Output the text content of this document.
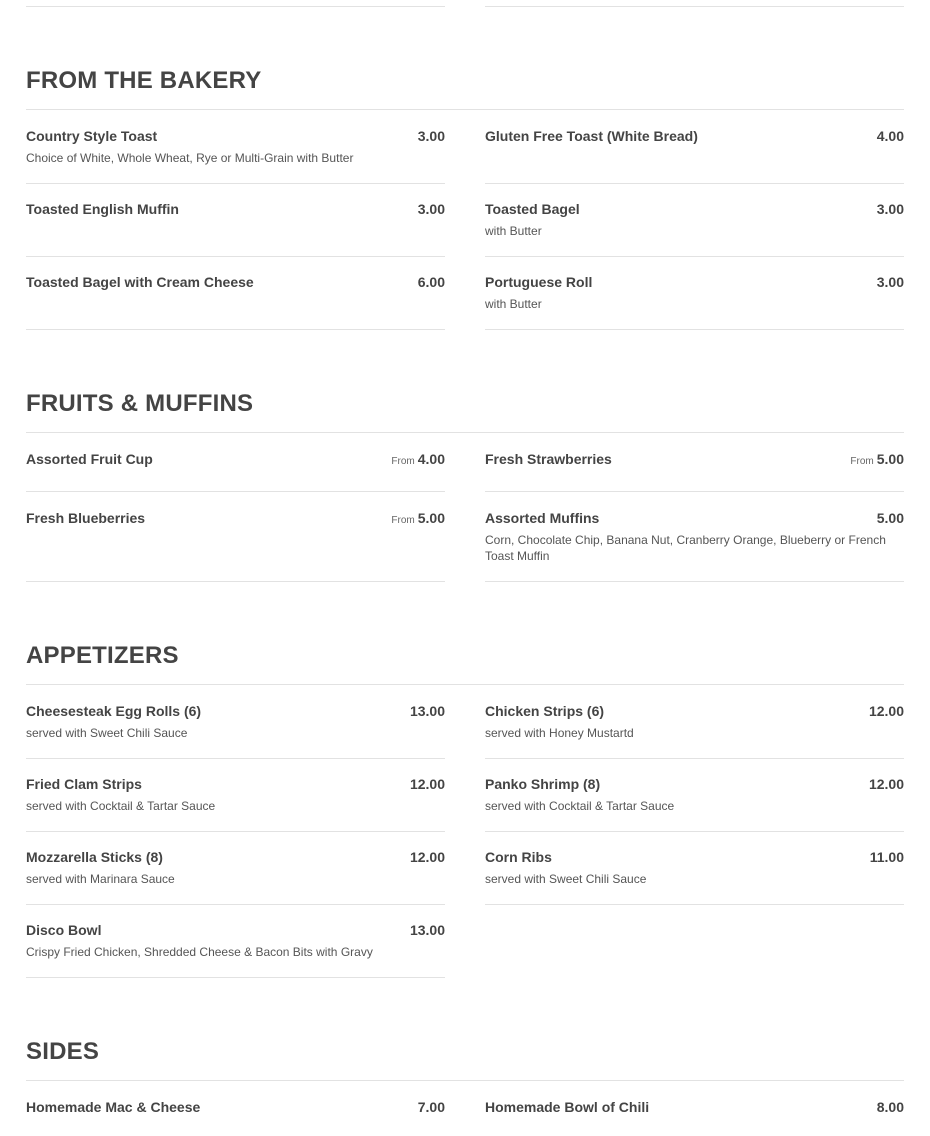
FROM THE BAKERY
Country Style Toast	3.00
Choice of White, Whole Wheat, Rye or Multi-Grain with Butter
Gluten Free Toast (White Bread)	4.00
Toasted English Muffin	3.00	Toasted Bagel	3.00
with Butter
Toasted Bagel with Cream Cheese	6.00	Portuguese Roll	3.00
with Butter
FRUITS & MUFFINS
Assorted Fruit Cup	From 4.00	Fresh Strawberries	From 5.00
Fresh Blueberries	From 5.00	Assorted Muffins	5.00
Corn, Chocolate Chip, Banana Nut, Cranberry Orange, Blueberry or French Toast Muffin
APPETIZERS
Cheesesteak Egg Rolls (6)	13.00
served with Sweet Chili Sauce
Chicken Strips (6)	12.00
served with Honey Mustartd
Fried Clam Strips	12.00
served with Cocktail & Tartar Sauce
Panko Shrimp (8)	12.00
served with Cocktail & Tartar Sauce
Mozzarella Sticks (8)	12.00
served with Marinara Sauce
Corn Ribs	11.00
served with Sweet Chili Sauce
Disco Bowl	13.00
Crispy Fried Chicken, Shredded Cheese & Bacon Bits with Gravy
SIDES
Homemade Mac & Cheese	7.00	Homemade Bowl of Chili	8.00
